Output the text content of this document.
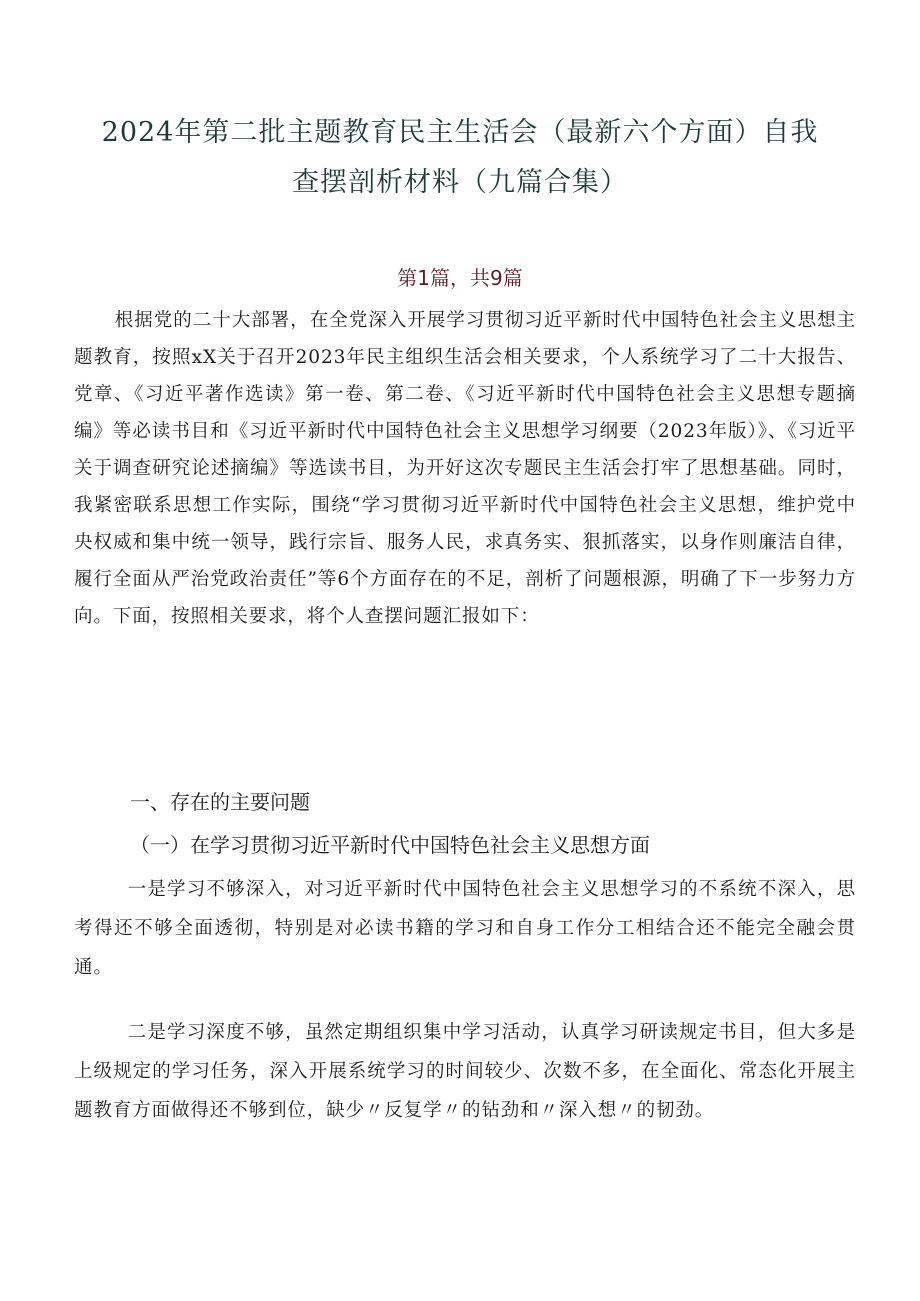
2024年第二批主题教育民主生活会（最新六个方面）自我
查摆剖析材料（九篇合集）
第1篇，共9篇

根据党的二十大部署，在全党深入开展学习贯彻习近平新时代中国特色社会主义思想主题教育，按照xX关于召开2023年民主组织生活会相关要求，个人系统学习了二十大报告、党章、《习近平著作选读》第一卷、第二卷、《习近平新时代中国特色社会主义思想专题摘编》等必读书目和《习近平新时代中国特色社会主义思想学习纲要（2023年版）》、《习近平关于调查研究论述摘编》等选读书目，为开好这次专题民主生活会打牢了思想基础。同时，我紧密联系思想工作实际，围绕“学习贯彻习近平新时代中国特色社会主义思想，维护党中央权威和集中统一领导，践行宗旨、服务人民，求真务实、狠抓落实，以身作则廉洁自律，履行全面从严治党政治责任”等6个方面存在的不足，剖析了问题根源，明确了下一步努力方向。下面，按照相关要求，将个人查摆问题汇报如下：

一、存在的主要问题
（一）在学习贯彻习近平新时代中国特色社会主义思想方面

一是学习不够深入，对习近平新时代中国特色社会主义思想学习的不系统不深入，思考得还不够全面透彻，特别是对必读书籍的学习和自身工作分工相结合还不能完全融会贯通。

二是学习深度不够，虽然定期组织集中学习活动，认真学习研读规定书目，但大多是上级规定的学习任务，深入开展系统学习的时间较少、次数不多，在全面化、常态化开展主题教育方面做得还不够到位，缺少〃反复学〃的钻劲和〃深入想〃的韧劲。
